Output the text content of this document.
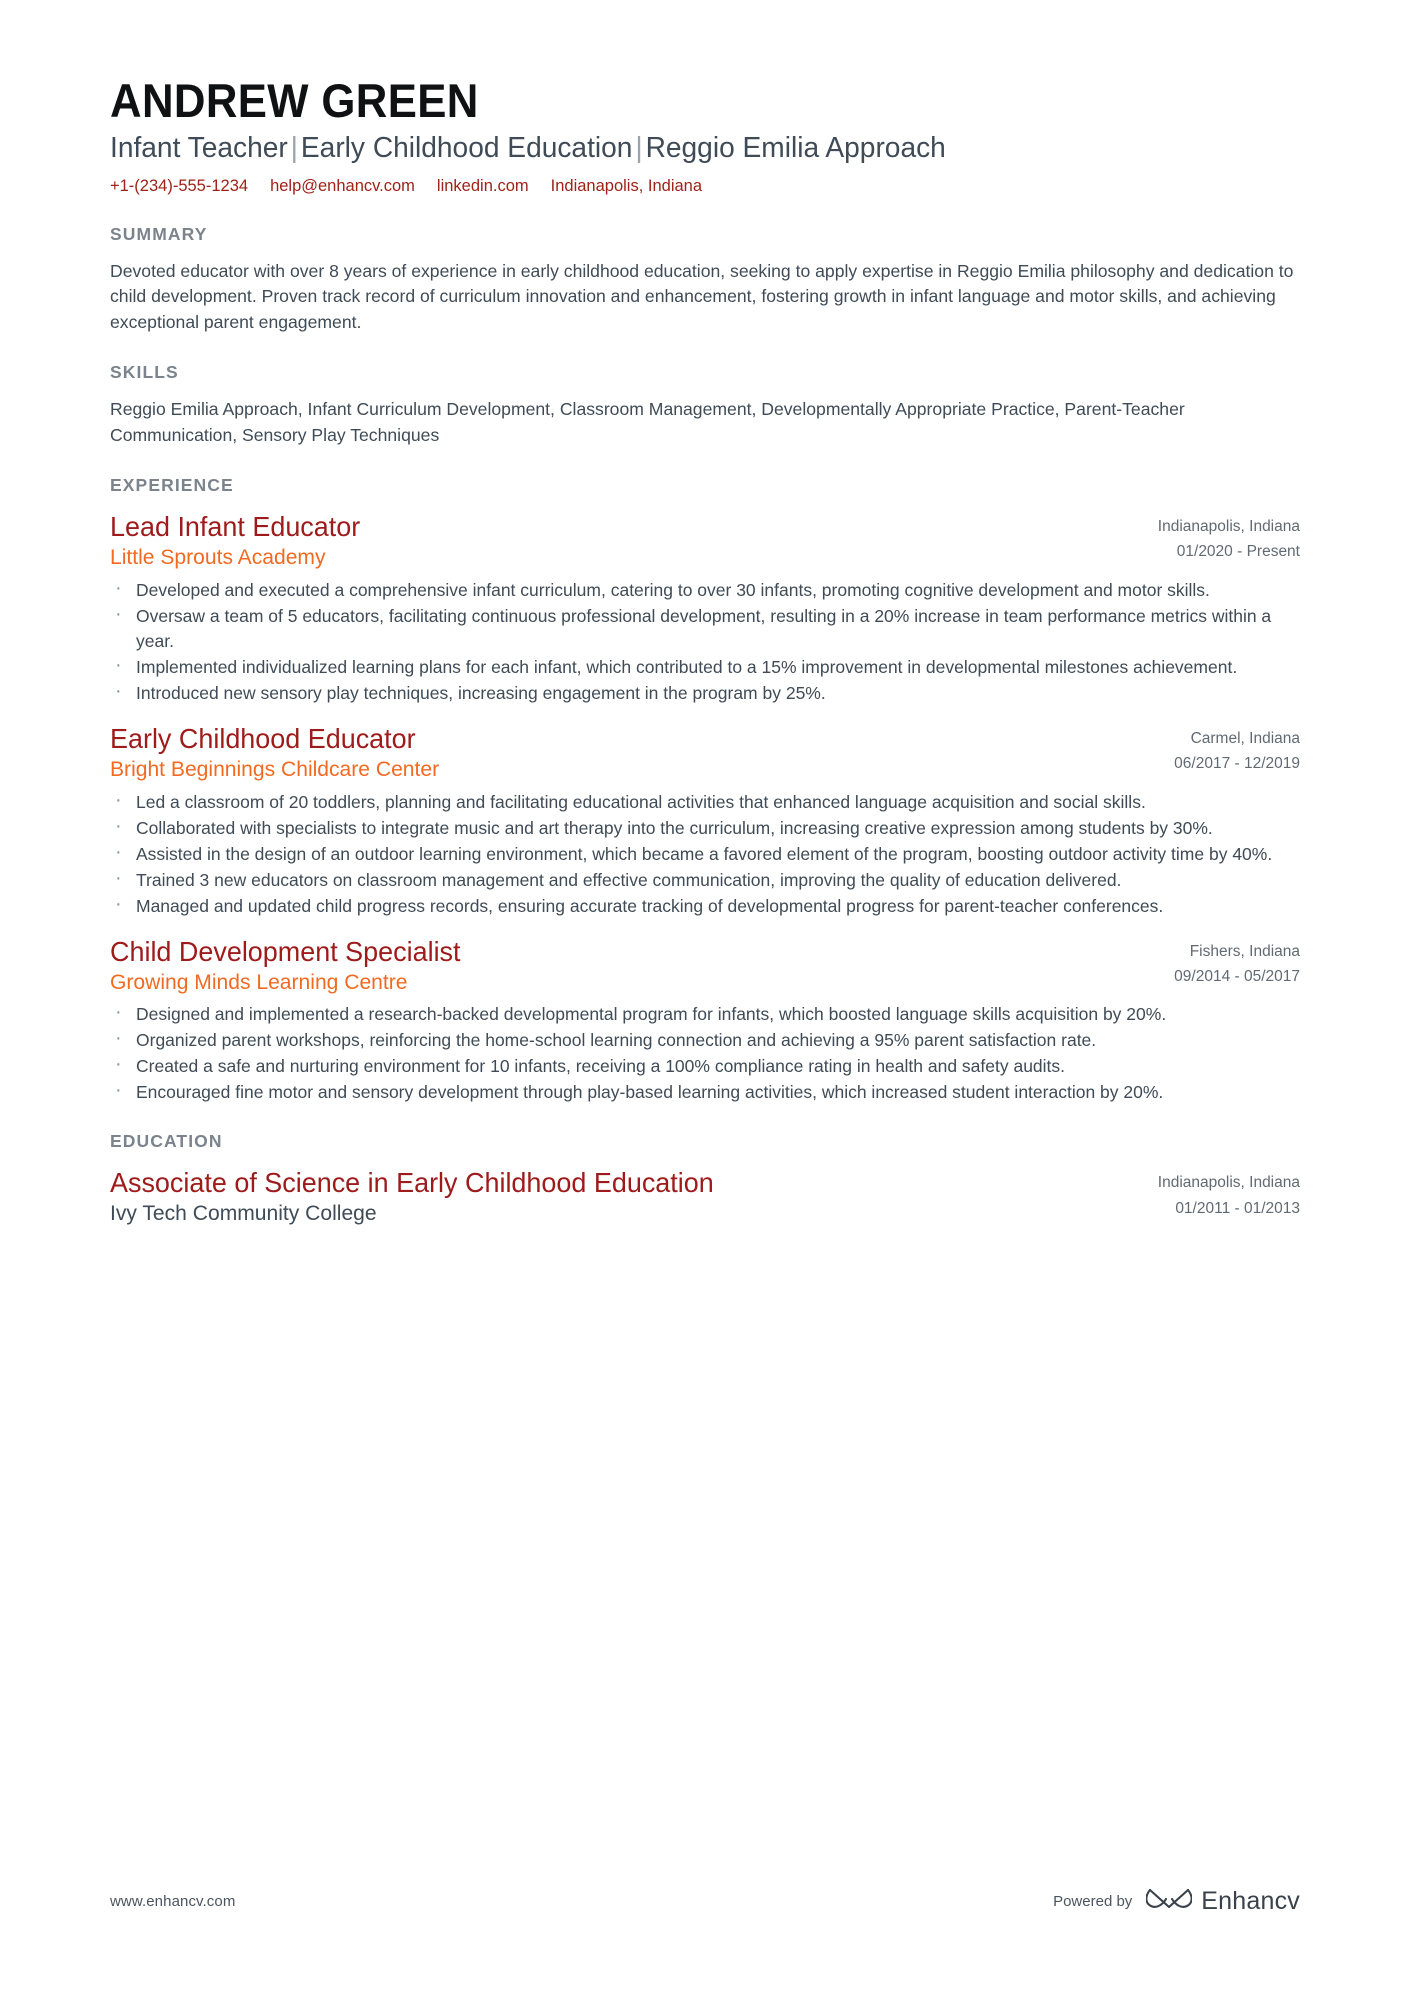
ANDREW GREEN
Infant Teacher | Early Childhood Education | Reggio Emilia Approach
+1-(234)-555-1234 help@enhancv.com linkedin.com Indianapolis, Indiana
SUMMARY

Devoted educator with over 8 years of experience in early childhood education, seeking to apply expertise in Reggio Emilia philosophy and dedication to child development. Proven track record of curriculum innovation and enhancement, fostering growth in infant language and motor skills, and achieving exceptional parent engagement.

SKILLS

Reggio Emilia Approach, Infant Curriculum Development, Classroom Management, Developmentally Appropriate Practice, Parent-Teacher Communication, Sensory Play Techniques

EXPERIENCE
Lead Infant Educator
Little Sprouts Academy
Indianapolis, Indiana
01/2020 - Present
· Developed and executed a comprehensive infant curriculum, catering to over 30 infants, promoting cognitive development and motor skills.
· Oversaw a team of 5 educators, facilitating continuous professional development, resulting in a 20% increase in team performance metrics within a year.
· Implemented individualized learning plans for each infant, which contributed to a 15% improvement in developmental milestones achievement.
· Introduced new sensory play techniques, increasing engagement in the program by 25%.
Early Childhood Educator
Bright Beginnings Childcare Center
Carmel, Indiana
06/2017 - 12/2019
· Led a classroom of 20 toddlers, planning and facilitating educational activities that enhanced language acquisition and social skills.
· Collaborated with specialists to integrate music and art therapy into the curriculum, increasing creative expression among students by 30%.
· Assisted in the design of an outdoor learning environment, which became a favored element of the program, boosting outdoor activity time by 40%.
· Trained 3 new educators on classroom management and effective communication, improving the quality of education delivered.
· Managed and updated child progress records, ensuring accurate tracking of developmental progress for parent-teacher conferences.
Child Development Specialist
Growing Minds Learning Centre
Fishers, Indiana
09/2014 - 05/2017
· Designed and implemented a research-backed developmental program for infants, which boosted language skills acquisition by 20%.
· Organized parent workshops, reinforcing the home-school learning connection and achieving a 95% parent satisfaction rate.
· Created a safe and nurturing environment for 10 infants, receiving a 100% compliance rating in health and safety audits.
· Encouraged fine motor and sensory development through play-based learning activities, which increased student interaction by 20%.
EDUCATION
Associate of Science in Early Childhood Education
Ivy Tech Community College
Indianapolis, Indiana
01/2011 - 01/2013
www.enhancv.com	Powered by	Enhancv
